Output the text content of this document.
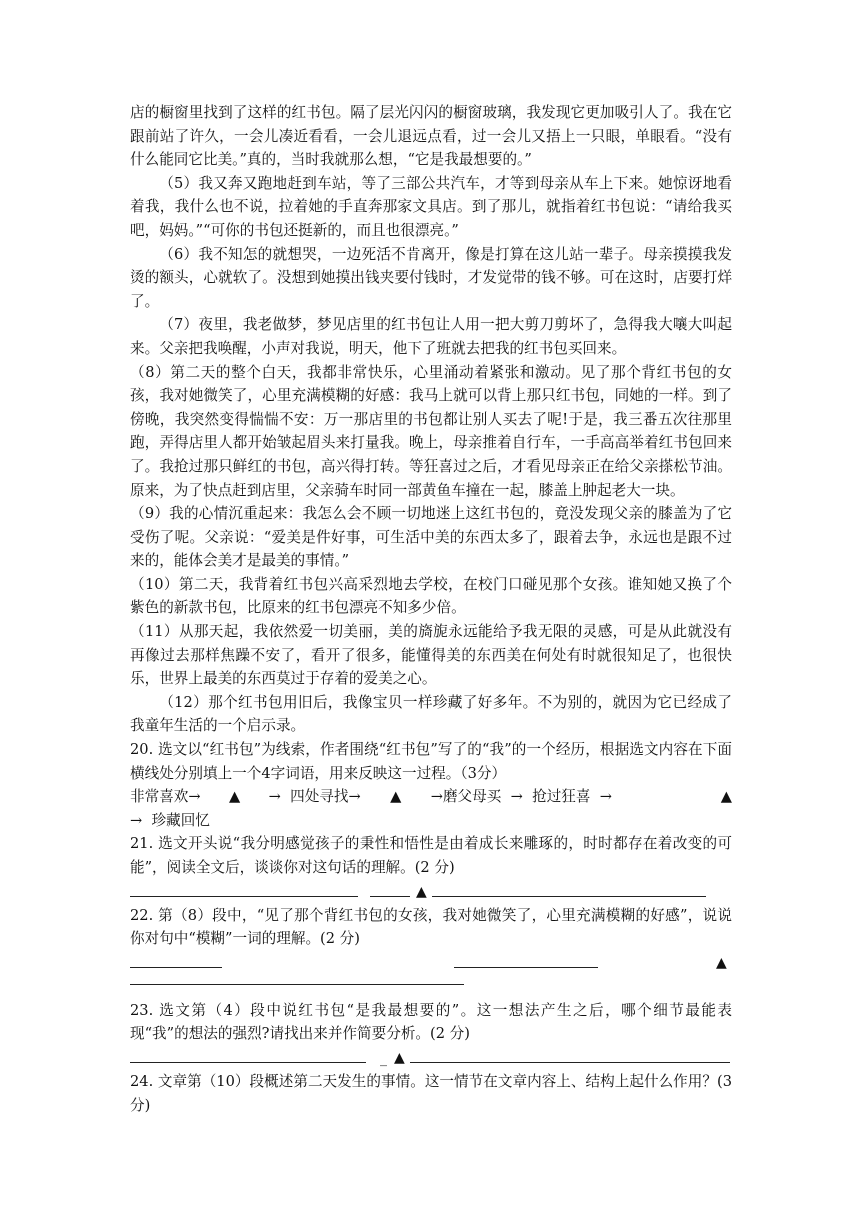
店的橱窗里找到了这样的红书包。隔了层光闪闪的橱窗玻璃，我发现它更加吸引人了。我在它跟前站了许久，一会儿凑近看看，一会儿退远点看，过一会儿又捂上一只眼，单眼看。“没有什么能同它比美。”真的，当时我就那么想，“它是我最想要的。”

（5）我又奔又跑地赶到车站，等了三部公共汽车，才等到母亲从车上下来。她惊讶地看着我，我什么也不说，拉着她的手直奔那家文具店。到了那儿，就指着红书包说：“请给我买吧，妈妈。”“可你的书包还挺新的，而且也很漂亮。”

（6）我不知怎的就想哭，一边死活不肯离开，像是打算在这儿站一辈子。母亲摸摸我发烫的额头，心就软了。没想到她摸出钱夹要付钱时，才发觉带的钱不够。可在这时，店要打烊了。

（7）夜里，我老做梦，梦见店里的红书包让人用一把大剪刀剪坏了，急得我大嚷大叫起来。父亲把我唤醒，小声对我说，明天，他下了班就去把我的红书包买回来。

（8）第二天的整个白天，我都非常快乐，心里涌动着紧张和激动。见了那个背红书包的女孩，我对她微笑了，心里充满模糊的好感：我马上就可以背上那只红书包，同她的一样。到了傍晚，我突然变得惴惴不安：万一那店里的书包都让别人买去了呢!于是，我三番五次往那里跑，弄得店里人都开始皱起眉头来打量我。晚上，母亲推着自行车，一手高高举着红书包回来了。我抢过那只鲜红的书包，高兴得打转。等狂喜过之后，才看见母亲正在给父亲搽松节油。原来，为了快点赶到店里，父亲骑车时同一部黄鱼车撞在一起，膝盖上肿起老大一块。

（9）我的心情沉重起来：我怎么会不顾一切地迷上这红书包的，竟没发现父亲的膝盖为了它受伤了呢。父亲说：“爱美是件好事，可生活中美的东西太多了，跟着去争，永远也是跟不过来的，能体会美才是最美的事情。”

（10）第二天，我背着红书包兴高采烈地去学校，在校门口碰见那个女孩。谁知她又换了个紫色的新款书包，比原来的红书包漂亮不知多少倍。

（11）从那天起，我依然爱一切美丽，美的旖旎永远能给予我无限的灵感，可是从此就没有再像过去那样焦躁不安了，看开了很多，能懂得美的东西美在何处有时就很知足了，也很快乐，世界上最美的东西莫过于存着的爱美之心。

（12）那个红书包用旧后，我像宝贝一样珍藏了好多年。不为别的，就因为它已经成了我童年生活的一个启示录。

20. 选文以“红书包”为线索，作者围绕“红书包”写了的“我”的一个经历，根据选文内容在下面横线处分别填上一个4字词语，用来反映这一过程。（3分）

非常喜欢→	▲	→  四处寻找→	▲	→磨父母买  →  抢过狂喜  →	▲
→  珍藏回忆

21. 选文开头说“我分明感觉孩子的秉性和悟性是由着成长来雕琢的，时时都存在着改变的可能”，阅读全文后，谈谈你对这句话的理解。(2 分)

▲

22. 第（8）段中，“见了那个背红书包的女孩，我对她微笑了，心里充满模糊的好感”，说说你对句中“模糊”一词的理解。(2 分)

▲

23. 选文第（4）段中说红书包“是我最想要的”。这一想法产生之后，哪个细节最能表现“我”的想法的强烈?请找出来并作简要分析。(2 分)

_ ▲

24. 文章第（10）段概述第二天发生的事情。这一情节在文章内容上、结构上起什么作用？(3 分)
